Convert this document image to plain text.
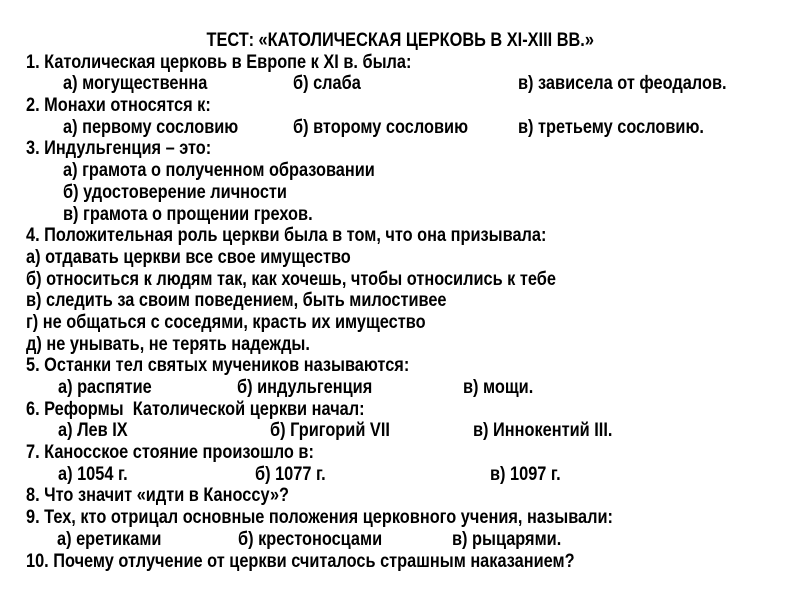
ТЕСТ: «КАТОЛИЧЕСКАЯ ЦЕРКОВЬ В XI-XIII ВВ.»
1. Католическая церковь в Европе к XI в. была:

а) могущественна

	б) слаба

	в) зависела от феодалов.

2. Монахи относятся к:

а) первому сословию

	б) второму сословию

	в) третьему сословию.

3. Индульгенция – это:
а) грамота о полученном образовании
б) удостоверение личности
в) грамота о прощении грехов.
4. Положительная роль церкви была в том, что она призывала:
а) отдавать церкви все свое имущество
б) относиться к людям так, как хочешь, чтобы относились к тебе
в) следить за своим поведением, быть милостивее
г) не общаться с соседями, красть их имущество
д) не унывать, не терять надежды.
5. Останки тел святых мучеников называются:

а) распятие

	б) индульгенция

	в) мощи.

6. Реформы  Католической церкви начал:

а) Лев IX

	б) Григорий VII

	в) Иннокентий III.

7. Каносское стояние произошло в:

а) 1054 г.

	б) 1077 г.

	в) 1097 г.

8. Что значит «идти в Каноссу»?
9. Тех, кто отрицал основные положения церковного учения, называли:

а) еретиками

	б) крестоносцами

	в) рыцарями.

10. Почему отлучение от церкви считалось страшным наказанием?
